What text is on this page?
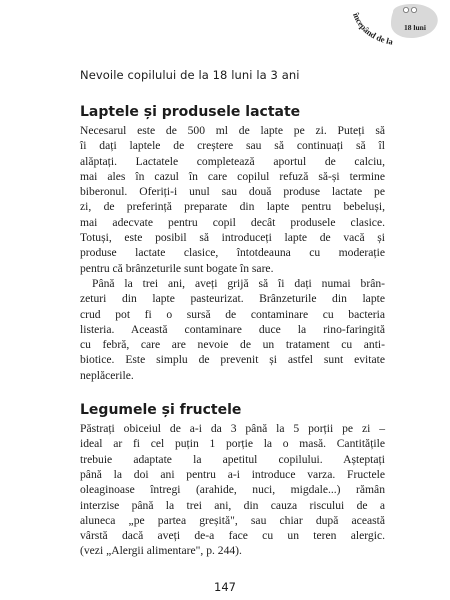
Nevoile copilului de la 18 luni la 3 ani
începând de la
18 luni
Laptele și produsele lactate
Necesarul este de 500 ml de lapte pe zi. Puteți să
îi dați laptele de creștere sau să continuați să îl
alăptați. Lactatele completează aportul de calciu,
mai ales în cazul în care copilul refuză să-și termine
biberonul. Oferiți-i unul sau două produse lactate pe
zi, de preferință preparate din lapte pentru bebeluși,
mai adecvate pentru copil decât produsele clasice.
Totuși, este posibil să introduceți lapte de vacă și
produse lactate clasice, întotdeauna cu moderație
pentru că brânzeturile sunt bogate în sare.
Până la trei ani, aveți grijă să îi dați numai brân-
zeturi din lapte pasteurizat. Brânzeturile din lapte
crud pot fi o sursă de contaminare cu bacteria
listeria. Această contaminare duce la rino-faringită
cu febră, care are nevoie de un tratament cu anti-
biotice. Este simplu de prevenit și astfel sunt evitate
neplăcerile.
Legumele și fructele
Păstrați obiceiul de a-i da 3 până la 5 porții pe zi –
ideal ar fi cel puțin 1 porție la o masă. Cantitățile
trebuie adaptate la apetitul copilului. Așteptați
până la doi ani pentru a-i introduce varza. Fructele
oleaginoase întregi (arahide, nuci, migdale...) rămân
interzise până la trei ani, din cauza riscului de a
aluneca „pe partea greșită", sau chiar după această
vârstă dacă aveți de-a face cu un teren alergic.
(vezi „Alergii alimentare", p. 244).
147
